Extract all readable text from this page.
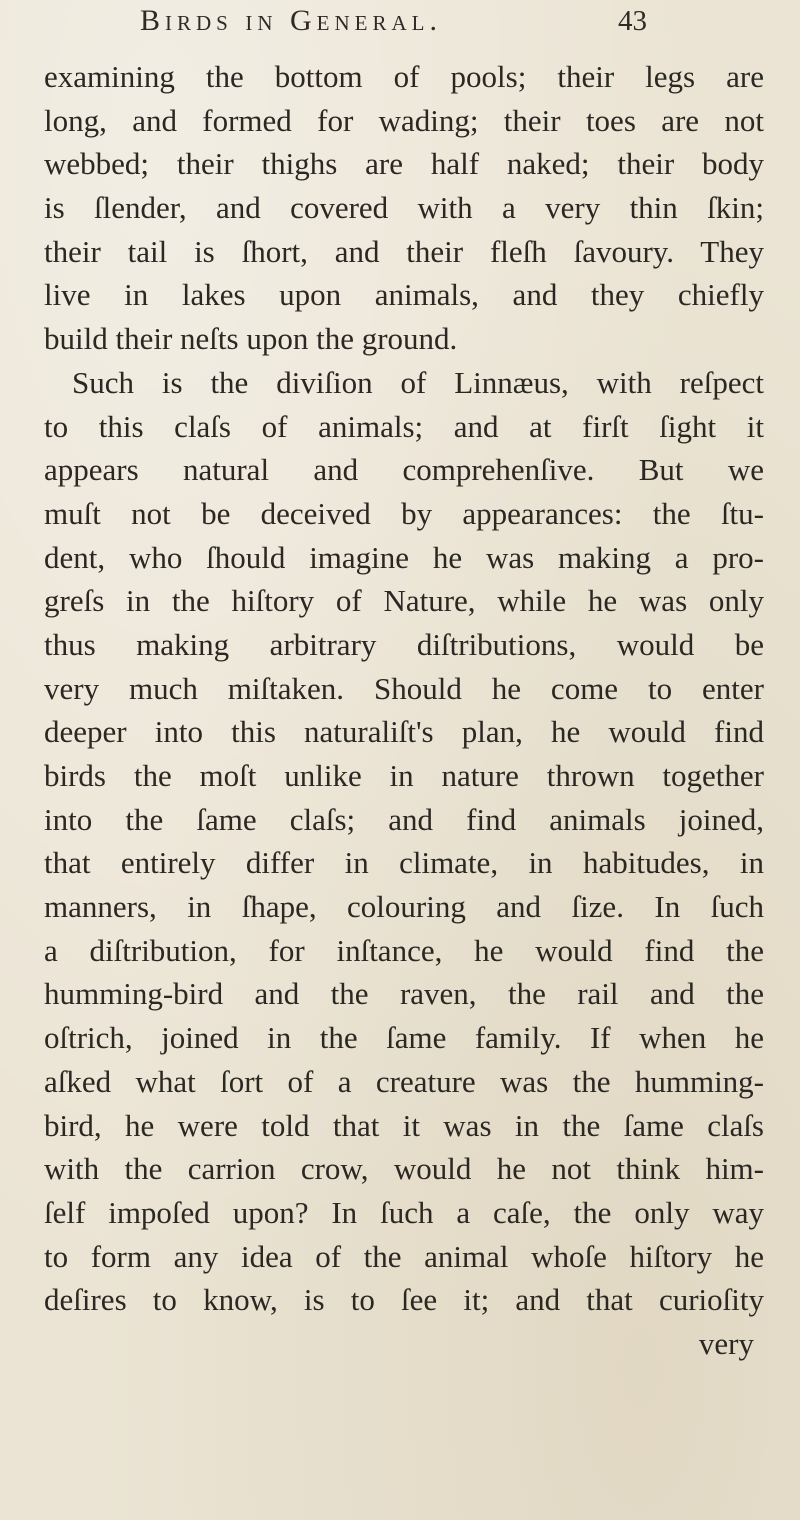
Birds in General.	43
examining the bottom of pools; their legs are
long, and formed for wading; their toes are not
webbed; their thighs are half naked; their body
is ſlender, and covered with a very thin ſkin;
their tail is ſhort, and their fleſh ſavoury. They
live in lakes upon animals, and they chiefly
build their neſts upon the ground.
Such is the diviſion of Linnæus, with reſpect
to this claſs of animals; and at firſt ſight it
appears natural and comprehenſive. But we
muſt not be deceived by appearances: the ſtu-
dent, who ſhould imagine he was making a pro-
greſs in the hiſtory of Nature, while he was only
thus making arbitrary diſtributions, would be
very much miſtaken. Should he come to enter
deeper into this naturaliſt's plan, he would find
birds the moſt unlike in nature thrown together
into the ſame claſs; and find animals joined,
that entirely differ in climate, in habitudes, in
manners, in ſhape, colouring and ſize. In ſuch
a diſtribution, for inſtance, he would find the
humming-bird and the raven, the rail and the
oſtrich, joined in the ſame family. If when he
aſked what ſort of a creature was the humming-
bird, he were told that it was in the ſame claſs
with the carrion crow, would he not think him-
ſelf impoſed upon? In ſuch a caſe, the only way
to form any idea of the animal whoſe hiſtory he
deſires to know, is to ſee it; and that curioſity
very
